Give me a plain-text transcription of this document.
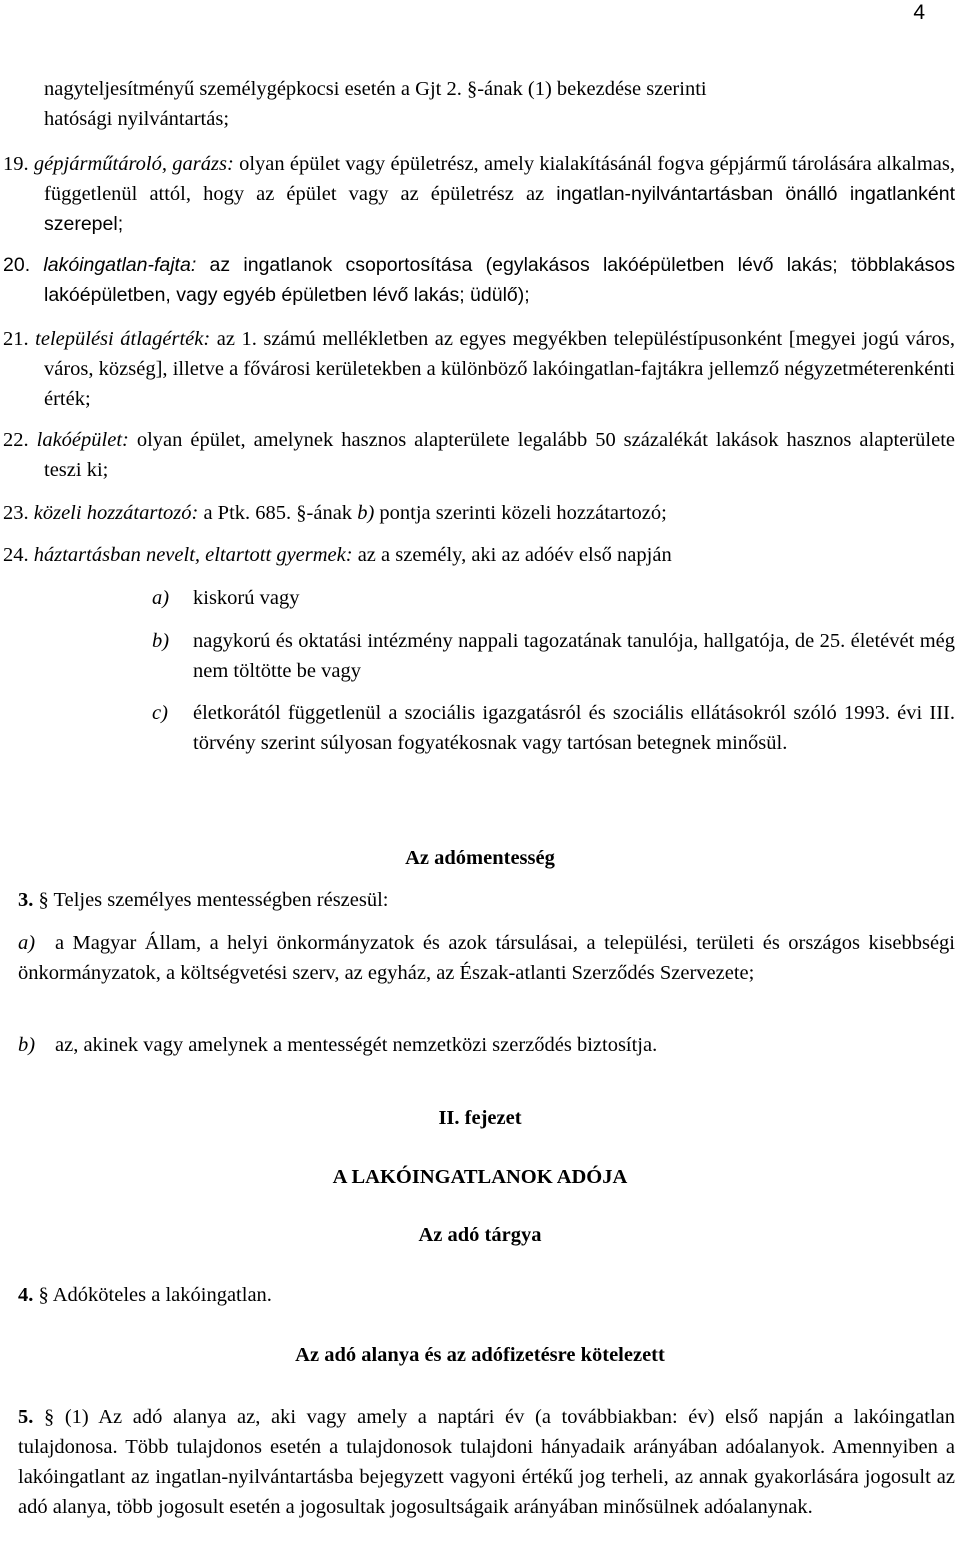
4
nagyteljesítményű személygépkocsi esetén a Gjt 2. §-ának (1) bekezdése szerinti
hatósági nyilvántartás;
19. gépjárműtároló, garázs: olyan épület vagy épületrész, amely kialakításánál fogva gépjármű tárolására alkalmas, függetlenül attól, hogy az épület vagy az épületrész az ingatlan-nyilvántartásban önálló ingatlanként szerepel;
20. lakóingatlan-fajta: az ingatlanok csoportosítása (egylakásos lakóépületben lévő lakás; többlakásos lakóépületben, vagy egyéb épületben lévő lakás; üdülő);
21. települési átlagérték: az 1. számú mellékletben az egyes megyékben településtípusonként [megyei jogú város, város, község], illetve a fővárosi kerületekben a különböző lakóingatlan-fajtákra jellemző négyzetméterenkénti érték;
22. lakóépület: olyan épület, amelynek hasznos alapterülete legalább 50 százalékát lakások hasznos alapterülete teszi ki;
23. közeli hozzátartozó: a Ptk. 685. §-ának b) pontja szerinti közeli hozzátartozó;
24. háztartásban nevelt, eltartott gyermek: az a személy, aki az adóév első napján
a)	kiskorú vagy
b)	nagykorú és oktatási intézmény nappali tagozatának tanulója, hallgatója, de 25. életévét még nem töltötte be vagy
c)	életkorától függetlenül a szociális igazgatásról és szociális ellátásokról szóló 1993. évi III. törvény szerint súlyosan fogyatékosnak vagy tartósan betegnek minősül.
Az adómentesség
3. § Teljes személyes mentességben részesül:
a) a Magyar Állam, a helyi önkormányzatok és azok társulásai, a települési, területi és országos kisebbségi önkormányzatok, a költségvetési szerv, az egyház, az Észak-atlanti Szerződés Szervezete;
b) az, akinek vagy amelynek a mentességét nemzetközi szerződés biztosítja.
II. fejezet
A LAKÓINGATLANOK ADÓJA
Az adó tárgya
4. § Adóköteles a lakóingatlan.
Az adó alanya és az adófizetésre kötelezett
5. § (1) Az adó alanya az, aki vagy amely a naptári év (a továbbiakban: év) első napján a lakóingatlan tulajdonosa. Több tulajdonos esetén a tulajdonosok tulajdoni hányadaik arányában adóalanyok. Amennyiben a lakóingatlant az ingatlan-nyilvántartásba bejegyzett vagyoni értékű jog terheli, az annak gyakorlására jogosult az adó alanya, több jogosult esetén a jogosultak jogosultságaik arányában minősülnek adóalanynak.
